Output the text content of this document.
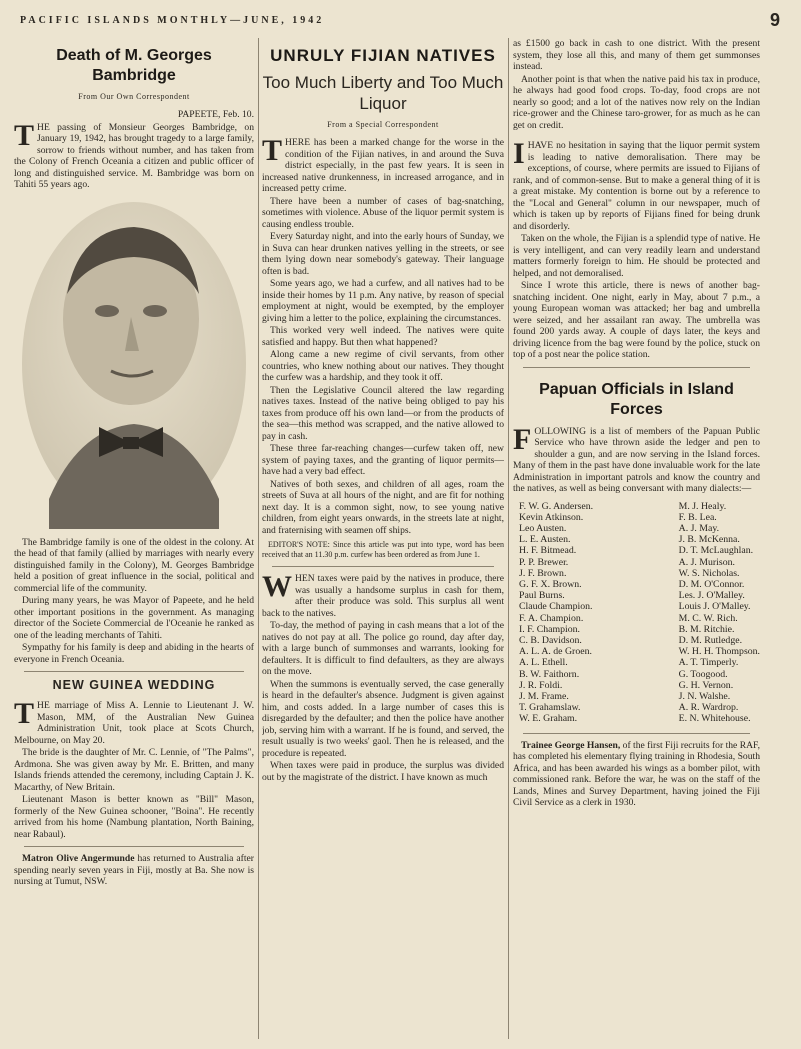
PACIFIC ISLANDS MONTHLY—JUNE, 1942	9
Death of M. Georges Bambridge
From Our Own Correspondent

PAPEETE, Feb. 10.

THE passing of Monsieur Georges Bambridge, on January 19, 1942, has brought tragedy to a large family, sorrow to friends without number, and has taken from the Colony of French Oceania a citizen and public officer of long and distinguished service. M. Bambridge was born on Tahiti 55 years ago.

The Bambridge family is one of the oldest in the colony. At the head of that family (allied by marriages with nearly every distinguished family in the Colony), M. Georges Bambridge held a position of great influence in the social, political and commercial life of the community.

During many years, he was Mayor of Papeete, and he held other important positions in the government. As managing director of the Societe Commercial de l'Oceanie he ranked as one of the leading merchants of Tahiti.

Sympathy for his family is deep and abiding in the hearts of everyone in French Oceania.

NEW GUINEA WEDDING

THE marriage of Miss A. Lennie to Lieutenant J. W. Mason, MM, of the Australian New Guinea Administration Unit, took place at Scots Church, Melbourne, on May 20.

The bride is the daughter of Mr. C. Lennie, of "The Palms", Ardmona. She was given away by Mr. E. Britten, and many Islands friends attended the ceremony, including Captain J. K. Macarthy, of New Britain.

Lieutenant Mason is better known as "Bill" Mason, formerly of the New Guinea schooner, "Boina". He recently arrived from his home (Nambung plantation, North Baining, near Rabaul).

Matron Olive Angermunde has returned to Australia after spending nearly seven years in Fiji, mostly at Ba. She now is nursing at Tumut, NSW.

UNRULY FIJIAN NATIVES
Too Much Liberty and Too Much Liquor
From a Special Correspondent

THERE has been a marked change for the worse in the condition of the Fijian natives, in and around the Suva district especially, in the past few years. It is seen in increased native drunkenness, in increased arrogance, and in increased petty crime.

There have been a number of cases of bag-snatching, sometimes with violence. Abuse of the liquor permit system is causing endless trouble.

Every Saturday night, and into the early hours of Sunday, we in Suva can hear drunken natives yelling in the streets, or see them lying down near somebody's gateway. Their language often is bad.

Some years ago, we had a curfew, and all natives had to be inside their homes by 11 p.m. Any native, by reason of special employment at night, would be exempted, by the employer giving him a letter to the police, explaining the circumstances.

This worked very well indeed. The natives were quite satisfied and happy. But then what happened?

Along came a new regime of civil servants, from other countries, who knew nothing about our natives. They thought the curfew was a hardship, and they took it off.

Then the Legislative Council altered the law regarding natives taxes. Instead of the native being obliged to pay his taxes from produce off his own land—or from the products of the sea—this method was scrapped, and the native allowed to pay in cash.

These three far-reaching changes—curfew taken off, new system of paying taxes, and the granting of liquor permits—have had a very bad effect.

Natives of both sexes, and children of all ages, roam the streets of Suva at all hours of the night, and are fit for nothing next day. It is a common sight, now, to see young native children, from eight years onwards, in the streets late at night, and fraternising with seamen off ships.

EDITOR'S NOTE: Since this article was put into type, word has been received that an 11.30 p.m. curfew has been ordered as from June 1.

WHEN taxes were paid by the natives in produce, there was usually a handsome surplus in cash for them, after their produce was sold. This surplus all went back to the natives.

To-day, the method of paying in cash means that a lot of the natives do not pay at all. The police go round, day after day, with a large bunch of summonses and warrants, looking for defaulters. It is difficult to find defaulters, as they are always on the move.

When the summons is eventually served, the case generally is heard in the defaulter's absence. Judgment is given against him, and costs added. In a large number of cases this is disregarded by the defaulter; and then the police have another job, serving him with a warrant. If he is found, and served, the result usually is two weeks' gaol. Then he is released, and the procedure is repeated.

When taxes were paid in produce, the surplus was divided out by the magistrate of the district. I have known as much

as £1500 go back in cash to one district. With the present system, they lose all this, and many of them get summonses instead.

Another point is that when the native paid his tax in produce, he always had good food crops. To-day, food crops are not nearly so good; and a lot of the natives now rely on the Indian rice-grower and the Chinese taro-grower, for as much as he can get on credit.

IHAVE no hesitation in saying that the liquor permit system is leading to native demoralisation. There may be exceptions, of course, where permits are issued to Fijians of rank, and of common-sense. But to make a general thing of it is a great mistake. My contention is borne out by a reference to the "Local and General" column in our newspaper, much of which is taken up by reports of Fijians fined for being drunk and disorderly.

Taken on the whole, the Fijian is a splendid type of native. He is very intelligent, and can very readily learn and understand matters formerly foreign to him. He should be protected and helped, and not demoralised.

Since I wrote this article, there is news of another bag-snatching incident. One night, early in May, about 7 p.m., a young European woman was attacked; her bag and umbrella were seized, and her assailant ran away. The umbrella was found 200 yards away. A couple of days later, the keys and driving licence from the bag were found by the police, stuck on top of a post near the police station.

Papuan Officials in Island Forces

FOLLOWING is a list of members of the Papuan Public Service who have thrown aside the ledger and pen to shoulder a gun, and are now serving in the Island forces. Many of them in the past have done invaluable work for the late Administration in important patrols and know the country and the natives, as well as being conversant with many dialects:—

F. W. G. Andersen.
Kevin Atkinson.
Leo Austen.
L. E. Austen.
H. F. Bitmead.
P. P. Brewer.
J. F. Brown.
G. F. X. Brown.
Paul Burns.
Claude Champion.
F. A. Champion.
I. F. Champion.
C. B. Davidson.
A. L. A. de Groen.
A. L. Ethell.
B. W. Faithorn.
J. R. Foldi.
J. M. Frame.
T. Grahamslaw.
W. E. Graham.
M. J. Healy.
F. B. Lea.
A. J. May.
J. B. McKenna.
D. T. McLaughlan.
A. J. Murison.
W. S. Nicholas.
D. M. O'Connor.
Les. J. O'Malley.
Louis J. O'Malley.
M. C. W. Rich.
B. M. Ritchie.
D. M. Rutledge.
W. H. H. Thompson.
A. T. Timperly.
G. Toogood.
G. H. Vernon.
J. N. Walshe.
A. R. Wardrop.
E. N. Whitehouse.

Trainee George Hansen, of the first Fiji recruits for the RAF, has completed his elementary flying training in Rhodesia, South Africa, and has been awarded his wings as a bomber pilot, with commissioned rank. Before the war, he was on the staff of the Lands, Mines and Survey Department, having joined the Fiji Civil Service as a clerk in 1930.
